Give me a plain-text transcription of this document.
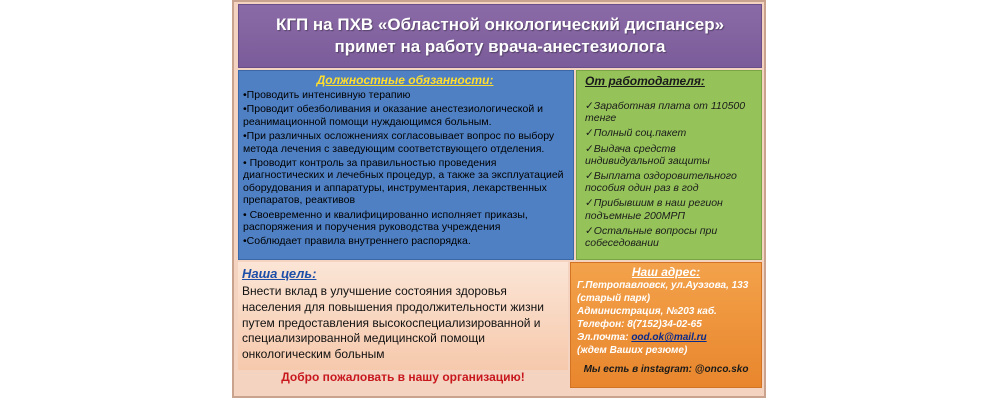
КГП на ПХВ «Областной онкологический диспансер»
примет на работу врача-анестезиолога
Должностные обязанности:
•Проводить интенсивную терапию
•Проводит обезболивания и оказание анестезиологической и реанимационной помощи нуждающимся больным.
•При различных осложнениях согласовывает вопрос по выбору метода лечения с заведующим соответствующего отделения.
• Проводит контроль за правильностью проведения диагностических и лечебных процедур, а также за эксплуатацией оборудования и аппаратуры, инструментария, лекарственных препаратов, реактивов
• Своевременно и квалифицированно исполняет приказы, распоряжения и поручения руководства учреждения
•Соблюдает правила внутреннего распорядка.
От работодателя:
✓Заработная плата от 110500 тенге
✓Полный соц.пакет
✓Выдача средств индивидуальной защиты
✓Выплата оздоровительного пособия один раз в год
✓Прибывшим в наш регион подъемные 200МРП
✓Остальные вопросы при собеседовании
Наша цель:
Внести вклад в улучшение состояния здоровья населения для повышения продолжительности жизни путем предоставления высокоспециализированной и специализированной медицинской помощи онкологическим больным
Добро пожаловать в нашу организацию!
Наш адрес:
Г.Петропавловск, ул.Ауэзова, 133
(старый парк)
Администрация, №203 каб.
Телефон: 8(7152)34-02-65
Эл.почта: ood.ok@mail.ru
(ждем Ваших резюме)
Мы есть в instagram: @onco.sko
